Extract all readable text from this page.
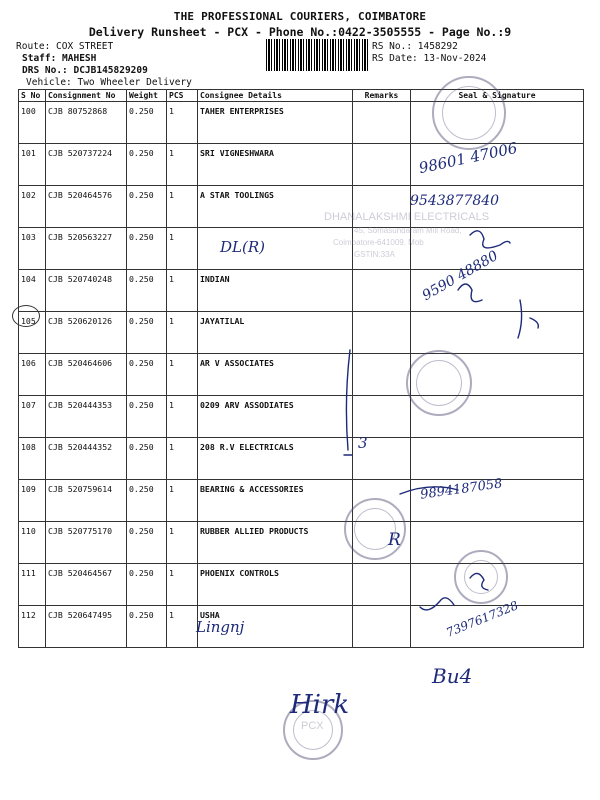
THE PROFESSIONAL COURIERS, COIMBATORE
Delivery Runsheet - PCX - Phone No.:0422-3505555 - Page No.:9
Route: COX STREET
Staff: MAHESH
DRS No.: DCJB145829209
Vehicle: Two Wheeler Delivery
RS No.: 1458292
RS Date: 13-Nov-2024
S No	Consignment No	Weight	PCS	Consignee Details	Remarks	Seal & Signature
100	CJB 80752868	0.250	1	TAHER ENTERPRISES		
101	CJB 520737224	0.250	1	SRI VIGNESHWARA		
102	CJB 520464576	0.250	1	A STAR TOOLINGS		
103	CJB 520563227	0.250	1			
104	CJB 520740248	0.250	1	INDIAN		
105	CJB 520620126	0.250	1	JAYATILAL		
106	CJB 520464606	0.250	1	AR V ASSOCIATES		
107	CJB 520444353	0.250	1	0209 ARV ASSODIATES		
108	CJB 520444352	0.250	1	208 R.V ELECTRICALS		
109	CJB 520759614	0.250	1	BEARING & ACCESSORIES		
110	CJB 520775170	0.250	1	RUBBER ALLIED PRODUCTS		
111	CJB 520464567	0.250	1	PHOENIX CONTROLS		
112	CJB 520647495	0.250	1	USHA		
PCX
DHANALAKSHMI ELECTRICALS
45, Somasundaram Mill Road,
Coimbatore-641009. Mob
GSTIN:33A
98601 47006
9543877840
DL(R)
9590 48880
3
9894187058
R
Lingnj	7397617328
Hirk
Bu4
